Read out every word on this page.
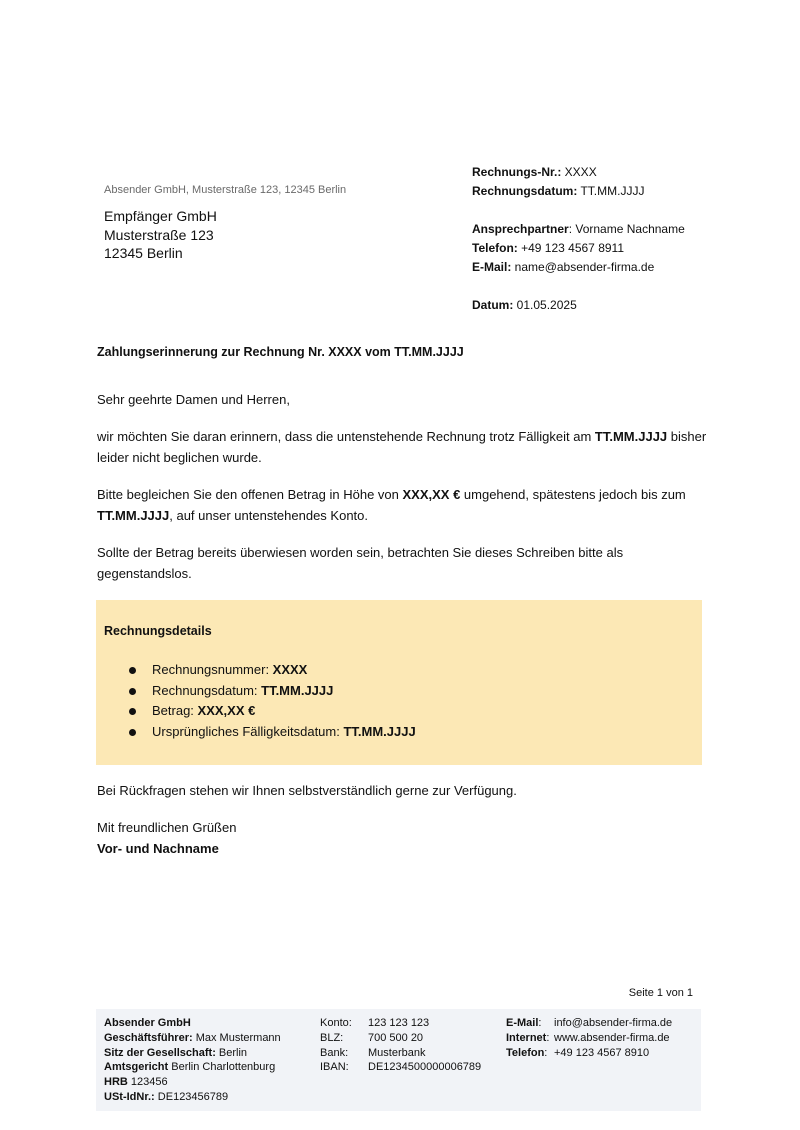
Absender GmbH, Musterstraße 123, 12345 Berlin
Empfänger GmbH
Musterstraße 123
12345 Berlin
Rechnungs-Nr.: XXXX
Rechnungsdatum: TT.MM.JJJJ
Ansprechpartner: Vorname Nachname
Telefon: +49 123 4567 8911
E-Mail: name@absender-firma.de
Datum: 01.05.2025
Zahlungserinnerung zur Rechnung Nr. XXXX vom TT.MM.JJJJ
Sehr geehrte Damen und Herren,
wir möchten Sie daran erinnern, dass die untenstehende Rechnung trotz Fälligkeit am TT.MM.JJJJ bisher leider nicht beglichen wurde.
Bitte begleichen Sie den offenen Betrag in Höhe von XXX,XX € umgehend, spätestens jedoch bis zum TT.MM.JJJJ, auf unser untenstehendes Konto.
Sollte der Betrag bereits überwiesen worden sein, betrachten Sie dieses Schreiben bitte als gegenstandslos.
Rechnungsdetails
Rechnungsnummer: XXXX
Rechnungsdatum: TT.MM.JJJJ
Betrag: XXX,XX €
Ursprüngliches Fälligkeitsdatum: TT.MM.JJJJ
Bei Rückfragen stehen wir Ihnen selbstverständlich gerne zur Verfügung.
Mit freundlichen Grüßen
Vor- und Nachname
Seite 1 von 1
Absender GmbH
Geschäftsführer: Max Mustermann
Sitz der Gesellschaft: Berlin
Amtsgericht Berlin Charlottenburg
HRB 123456
USt-IdNr.: DE123456789
Konto: 123 123 123
BLZ: 700 500 20
Bank: Musterbank
IBAN: DE1234500000006789
E-Mail: info@absender-firma.de
Internet: www.absender-firma.de
Telefon: +49 123 4567 8910
